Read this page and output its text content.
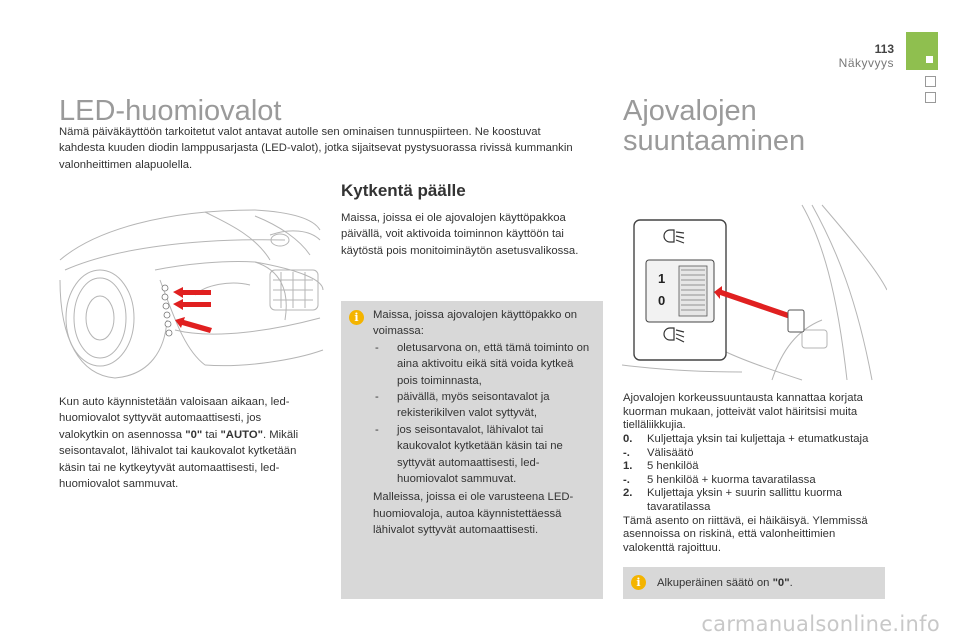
113
Näkyvyys
LED-huomiovalot
Nämä päiväkäyttöön tarkoitetut valot antavat autolle sen ominaisen tunnuspiirteen. Ne koostuvat kahdesta kuuden diodin lamppusarjasta (LED-valot), jotka sijaitsevat pystysuorassa rivissä kummankin valonheittimen alapuolella.
Kun auto käynnistetään valoisaan aikaan, led-huomiovalot syttyvät automaattisesti, jos valokytkin on asennossa "0" tai "AUTO". Mikäli seisontavalot, lähivalot tai kaukovalot kytketään käsin tai ne kytkeytyvät automaattisesti, led-huomiovalot sammuvat.
Kytkentä päälle
Maissa, joissa ei ole ajovalojen käyttöpakkoa päivällä, voit aktivoida toiminnon käyttöön tai käytöstä pois monitoiminäytön asetusvalikossa.
i	Maissa, joissa ajovalojen käyttöpakko on voimassa:
- oletusarvona on, että tämä toiminto on aina aktivoitu eikä sitä voida kytkeä pois toiminnasta,
- päivällä, myös seisontavalot ja rekisterikilven valot syttyvät,
- jos seisontavalot, lähivalot tai kaukovalot kytketään käsin tai ne syttyvät automaattisesti, led-huomiovalot sammuvat.
Malleissa, joissa ei ole varusteena LED-huomiovaloja, autoa käynnistettäessä lähivalot syttyvät automaattisesti.
Ajovalojen
suuntaaminen
1
0
Ajovalojen korkeussuuntausta kannattaa korjata kuorman mukaan, jotteivät valot häiritsisi muita tielläliikkujia.
0. Kuljettaja yksin tai kuljettaja + etumatkustaja
-. Välisäätö
1. 5 henkilöä
-. 5 henkilöä + kuorma tavaratilassa
2. Kuljettaja yksin + suurin sallittu kuorma tavaratilassa
Tämä asento on riittävä, ei häikäisyä. Ylemmissä asennoissa on riskinä, että valonheittimien valokenttä rajoittuu.
i	Alkuperäinen säätö on "0".
carmanualsonline.info
